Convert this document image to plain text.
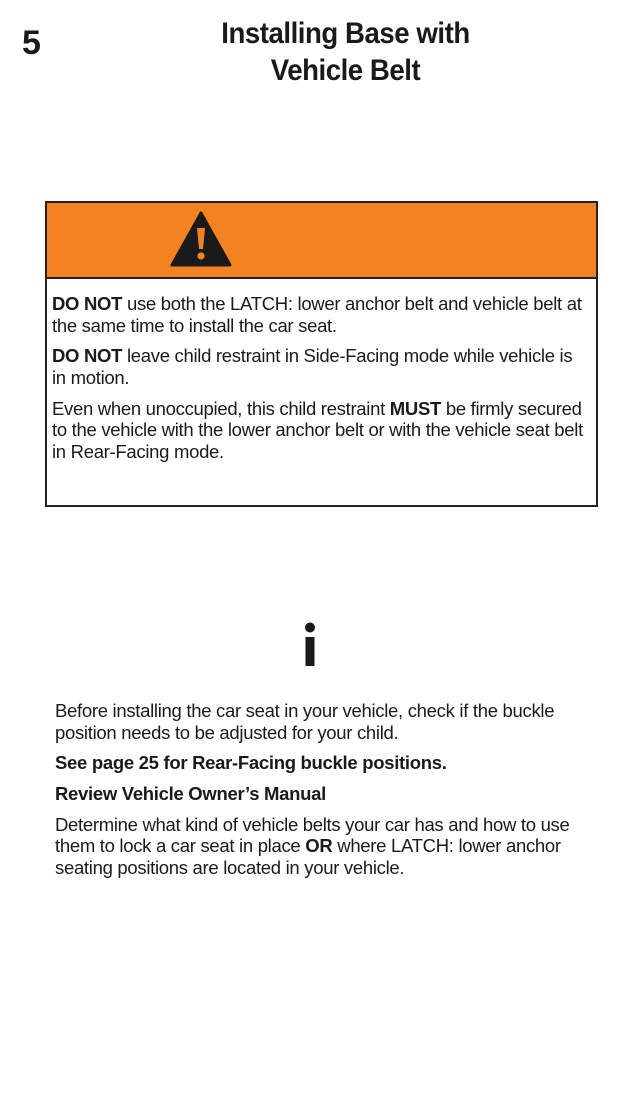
5	Installing Base with
Vehicle Belt

DO NOT use both the LATCH: lower anchor belt and vehicle belt at the same time to install the car seat.

DO NOT leave child restraint in Side-Facing mode while vehicle is in motion.

Even when unoccupied, this child restraint MUST be firmly secured to the vehicle with the lower anchor belt or with the vehicle seat belt in Rear-Facing mode.

Before installing the car seat in your vehicle, check if the buckle position needs to be adjusted for your child.

See page 25 for Rear-Facing buckle positions.

Review Vehicle Owner’s Manual

Determine what kind of vehicle belts your car has and how to use them to lock a car seat in place OR where LATCH: lower anchor seating positions are located in your vehicle.
